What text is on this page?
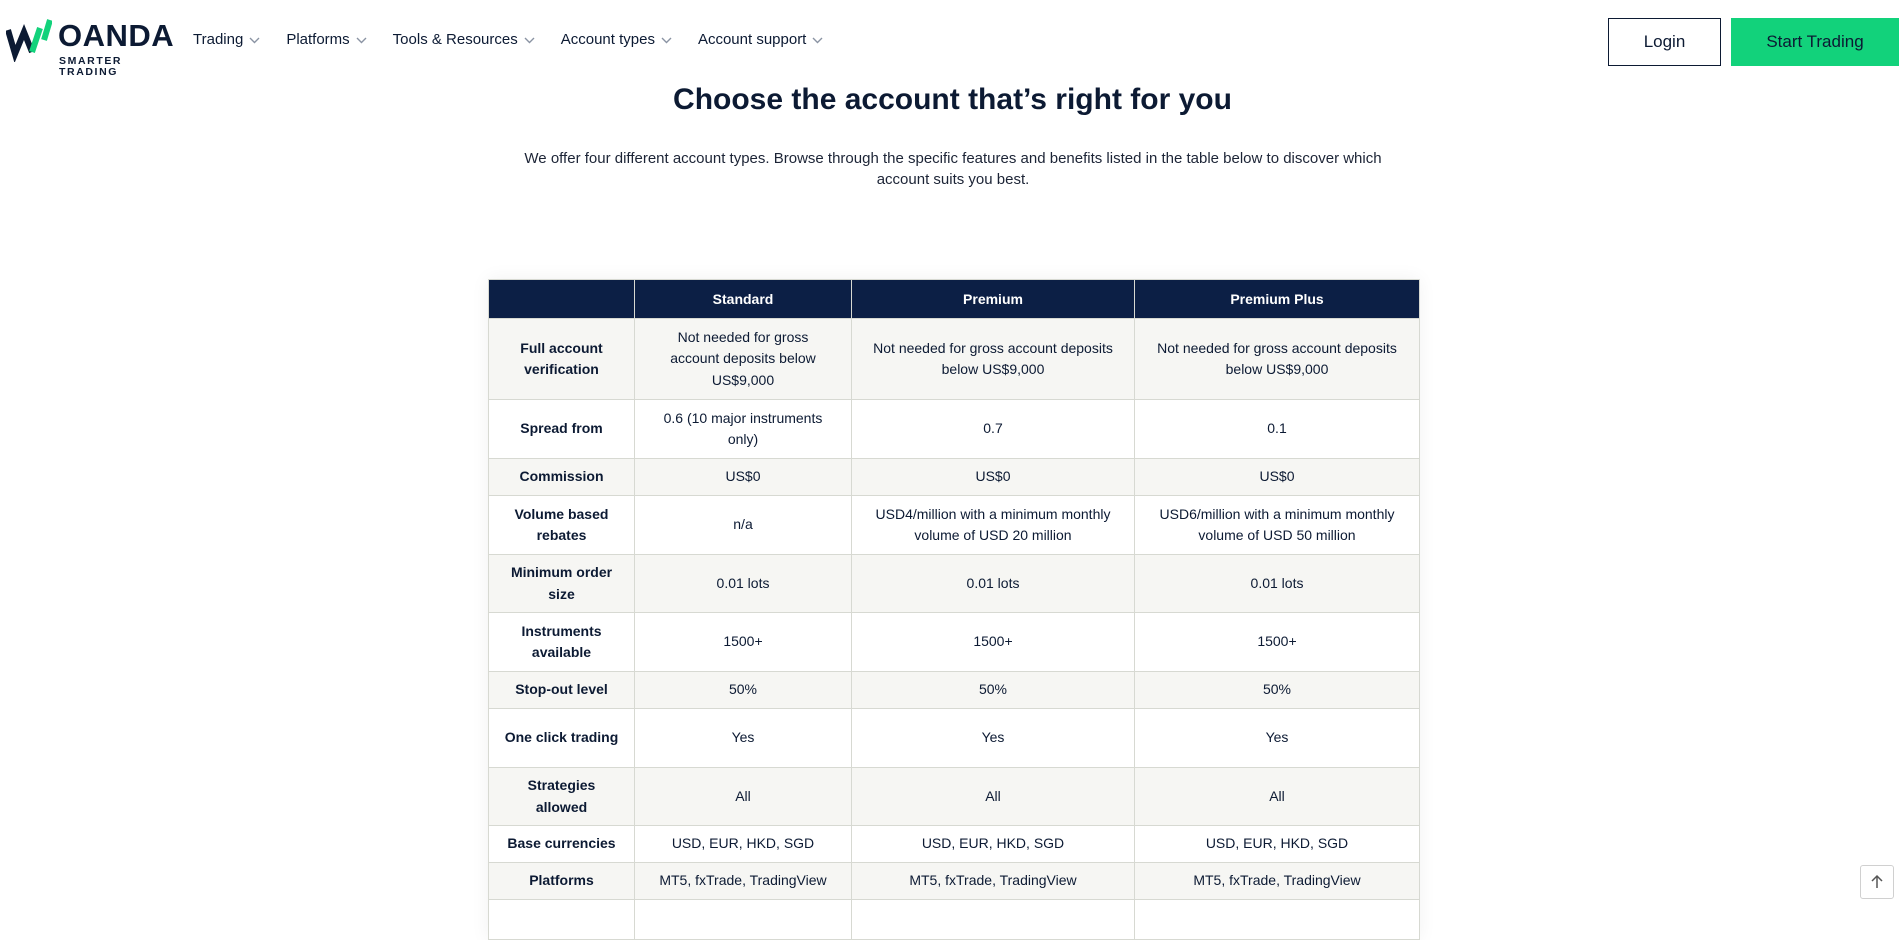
OANDA
SMARTER TRADING
Trading	Platforms	Tools & Resources	Account types	Account support	Login	Start Trading
Choose the account that’s right for you

We offer four different account types. Browse through the specific features and benefits listed in the table below to discover which account suits you best.

	Standard	Premium	Premium Plus
Full account verification	Not needed for gross account deposits below US$9,000	Not needed for gross account deposits below US$9,000	Not needed for gross account deposits below US$9,000
Spread from	0.6 (10 major instruments only)	0.7	0.1
Commission	US$0	US$0	US$0
Volume based rebates	n/a	USD4/million with a minimum monthly volume of USD 20 million	USD6/million with a minimum monthly volume of USD 50 million
Minimum order size	0.01 lots	0.01 lots	0.01 lots
Instruments available	1500+	1500+	1500+
Stop-out level	50%	50%	50%
One click trading	Yes	Yes	Yes
Strategies allowed	All	All	All
Base currencies	USD, EUR, HKD, SGD	USD, EUR, HKD, SGD	USD, EUR, HKD, SGD
Platforms	MT5, fxTrade, TradingView	MT5, fxTrade, TradingView	MT5, fxTrade, TradingView
